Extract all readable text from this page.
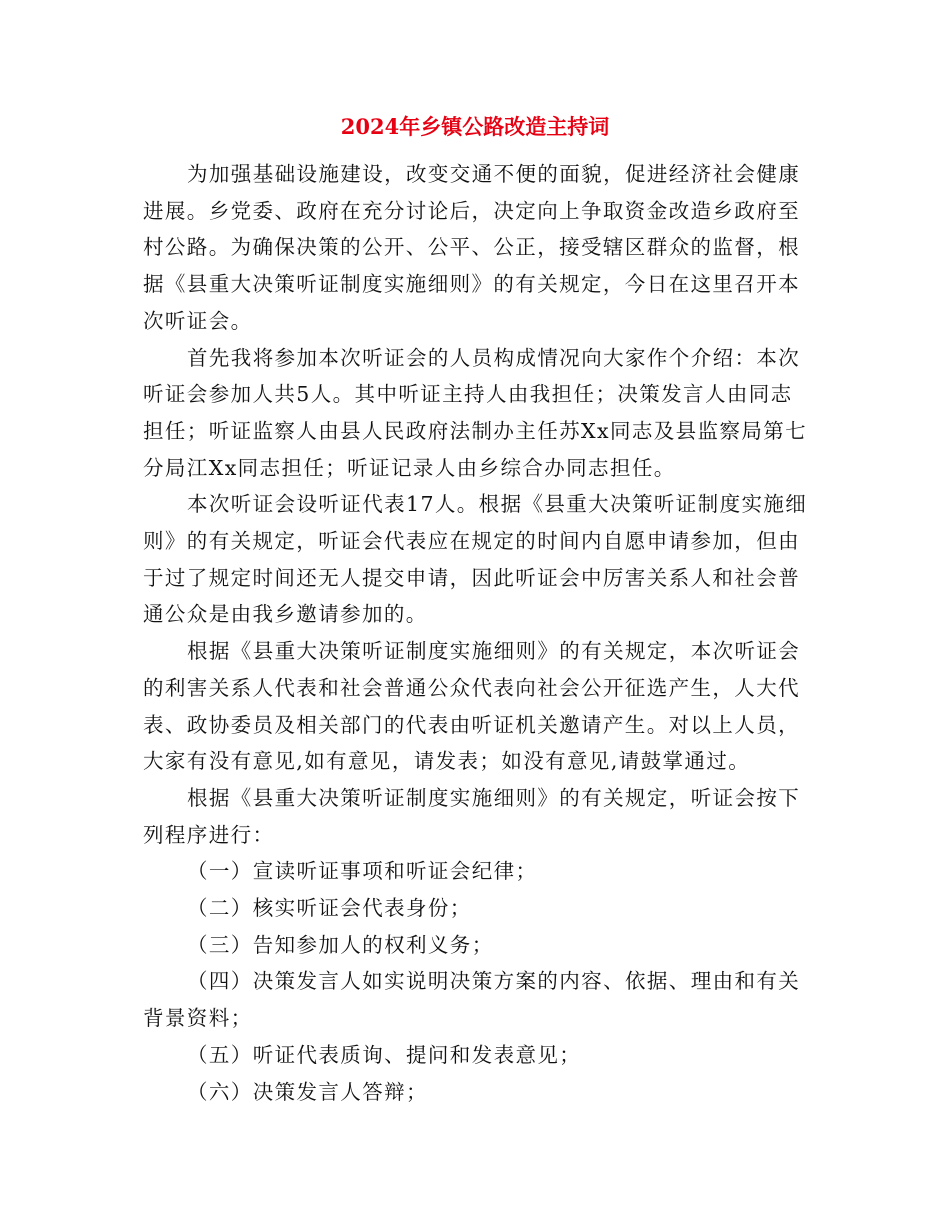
2024年乡镇公路改造主持词

为加强基础设施建设，改变交通不便的面貌，促进经济社会健康
进展。乡党委、政府在充分讨论后，决定向上争取资金改造乡政府至
村公路。为确保决策的公开、公平、公正，接受辖区群众的监督，根
据《县重大决策听证制度实施细则》的有关规定，今日在这里召开本
次听证会。

首先我将参加本次听证会的人员构成情况向大家作个介绍：本次
听证会参加人共5人。其中听证主持人由我担任；决策发言人由同志
担任；听证监察人由县人民政府法制办主任苏Xx同志及县监察局第七
分局江Xx同志担任；听证记录人由乡综合办同志担任。

本次听证会设听证代表17人。根据《县重大决策听证制度实施细
则》的有关规定，听证会代表应在规定的时间内自愿申请参加，但由
于过了规定时间还无人提交申请，因此听证会中厉害关系人和社会普
通公众是由我乡邀请参加的。

根据《县重大决策听证制度实施细则》的有关规定，本次听证会
的利害关系人代表和社会普通公众代表向社会公开征选产生，人大代
表、政协委员及相关部门的代表由听证机关邀请产生。对以上人员，
大家有没有意见,如有意见，请发表；如没有意见,请鼓掌通过。

根据《县重大决策听证制度实施细则》的有关规定，听证会按下
列程序进行：

（一）宣读听证事项和听证会纪律；

（二）核实听证会代表身份；

（三）告知参加人的权利义务；

（四）决策发言人如实说明决策方案的内容、依据、理由和有关
背景资料；

（五）听证代表质询、提问和发表意见；

（六）决策发言人答辩；
